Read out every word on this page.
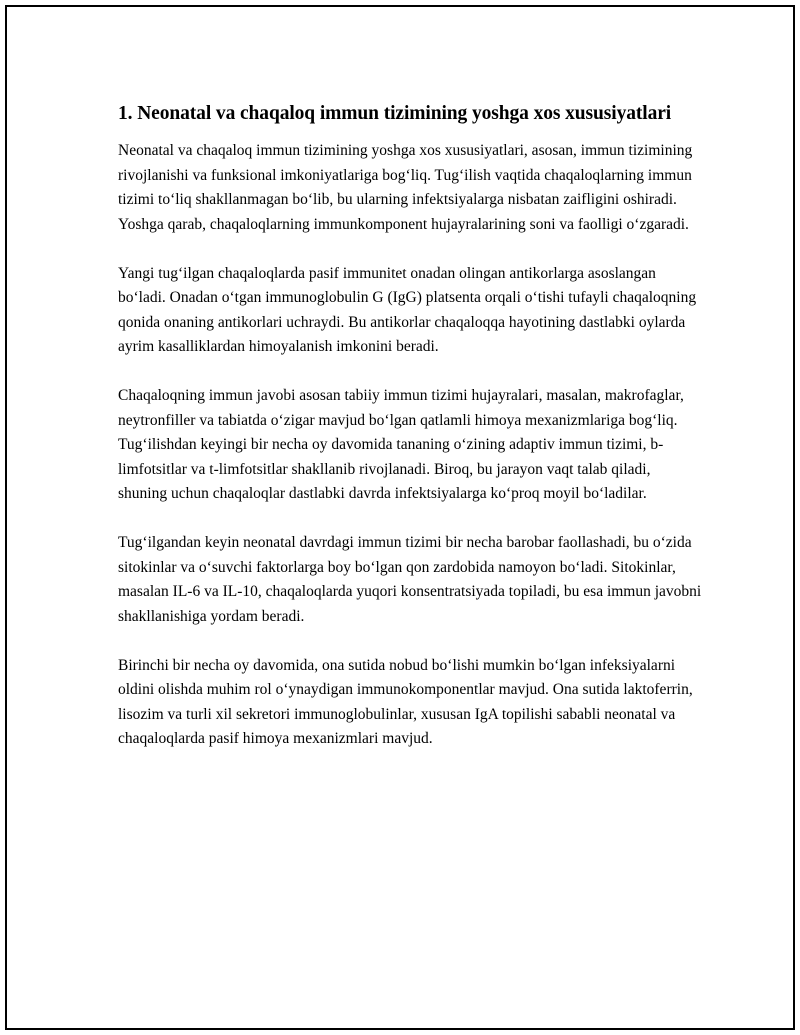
1. Neonatal va chaqaloq immun tizimining yoshga xos xususiyatlari

Neonatal va chaqaloq immun tizimining yoshga xos xususiyatlari, asosan, immun tizimining rivojlanishi va funksional imkoniyatlariga bog‘liq. Tug‘ilish vaqtida chaqaloqlarning immun tizimi to‘liq shakllanmagan bo‘lib, bu ularning infektsiyalarga nisbatan zaifligini oshiradi. Yoshga qarab, chaqaloqlarning immunkomponent hujayralarining soni va faolligi o‘zgaradi.

Yangi tug‘ilgan chaqaloqlarda pasif immunitet onadan olingan antikorlarga asoslangan bo‘ladi. Onadan o‘tgan immunoglobulin G (IgG) platsenta orqali o‘tishi tufayli chaqaloqning qonida onaning antikorlari uchraydi. Bu antikorlar chaqaloqqa hayotining dastlabki oylarda ayrim kasalliklardan himoyalanish imkonini beradi.

Chaqaloqning immun javobi asosan tabiiy immun tizimi hujayralari, masalan, makrofaglar, neytronfiller va tabiatda o‘zigar mavjud bo‘lgan qatlamli himoya mexanizmlariga bog‘liq. Tug‘ilishdan keyingi bir necha oy davomida tananing o‘zining adaptiv immun tizimi, b-limfotsitlar va t-limfotsitlar shakllanib rivojlanadi. Biroq, bu jarayon vaqt talab qiladi, shuning uchun chaqaloqlar dastlabki davrda infektsiyalarga ko‘proq moyil bo‘ladilar.

Tug‘ilgandan keyin neonatal davrdagi immun tizimi bir necha barobar faollashadi, bu o‘zida sitokinlar va o‘suvchi faktorlarga boy bo‘lgan qon zardobida namoyon bo‘ladi. Sitokinlar, masalan IL-6 va IL-10, chaqaloqlarda yuqori konsentratsiyada topiladi, bu esa immun javobni shakllanishiga yordam beradi.

Birinchi bir necha oy davomida, ona sutida nobud bo‘lishi mumkin bo‘lgan infeksiyalarni oldini olishda muhim rol o‘ynaydigan immunokomponentlar mavjud. Ona sutida laktoferrin, lisozim va turli xil sekretori immunoglobulinlar, xususan IgA topilishi sababli neonatal va chaqaloqlarda pasif himoya mexanizmlari mavjud.
